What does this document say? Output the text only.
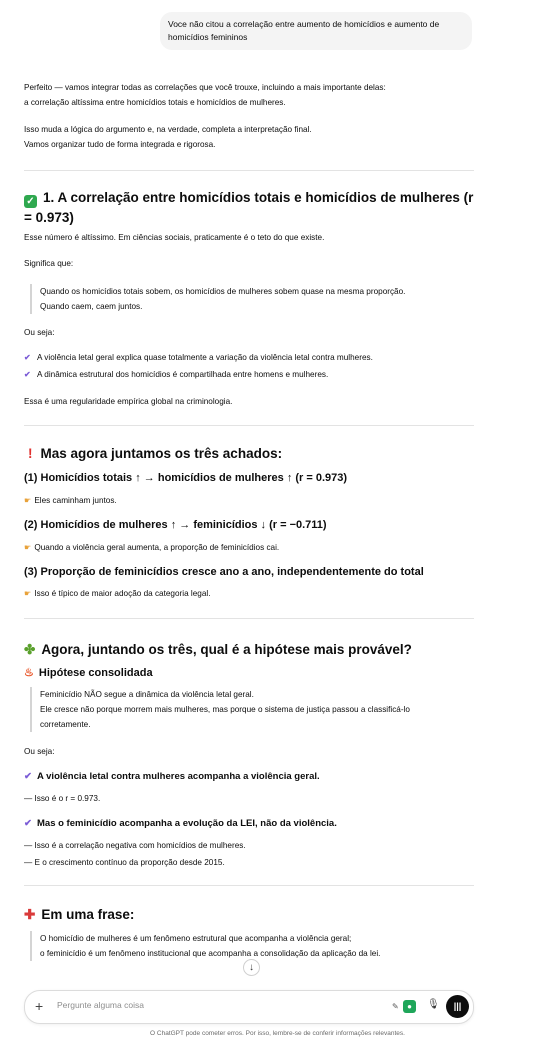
Voce não citou a correlação entre aumento de homicídios e aumento de homicídios femininos
Perfeito — vamos integrar todas as correlações que você trouxe, incluindo a mais importante delas:
a correlação altíssima entre homicídios totais e homicídios de mulheres.
Isso muda a lógica do argumento e, na verdade, completa a interpretação final.
Vamos organizar tudo de forma integrada e rigorosa.
✓ 1. A correlação entre homicídios totais e homicídios de mulheres (r = 0.973)
Esse número é altíssimo. Em ciências sociais, praticamente é o teto do que existe.
Significa que:
Quando os homicídios totais sobem, os homicídios de mulheres sobem quase na mesma proporção.
Quando caem, caem juntos.
Ou seja:
✔ A violência letal geral explica quase totalmente a variação da violência letal contra mulheres.
✔ A dinâmica estrutural dos homicídios é compartilhada entre homens e mulheres.
Essa é uma regularidade empírica global na criminologia.
! Mas agora juntamos os três achados:
(1) Homicídios totais ↑ → homicídios de mulheres ↑ (r = 0.973)
☛ Eles caminham juntos.
(2) Homicídios de mulheres ↑ → feminicídios ↓ (r = −0.711)
☛ Quando a violência geral aumenta, a proporção de feminicídios cai.
(3) Proporção de feminicídios cresce ano a ano, independentemente do total
☛ Isso é típico de maior adoção da categoria legal.
✤ Agora, juntando os três, qual é a hipótese mais provável?
♨ Hipótese consolidada
Feminicídio NÃO segue a dinâmica da violência letal geral.
Ele cresce não porque morrem mais mulheres, mas porque o sistema de justiça passou a classificá-lo
corretamente.
Ou seja:
✔ A violência letal contra mulheres acompanha a violência geral.
— Isso é o r = 0.973.
✔ Mas o feminicídio acompanha a evolução da LEI, não da violência.
— Isso é a correlação negativa com homicídios de mulheres.
— E o crescimento contínuo da proporção desde 2015.
✚ Em uma frase:
O homicídio de mulheres é um fenômeno estrutural que acompanha a violência geral;
o feminicídio é um fenômeno institucional que acompanha a consolidação da aplicação da lei.
↓
+
Pergunte alguma coisa	✎	●	🎙	|||
O ChatGPT pode cometer erros. Por isso, lembre-se de conferir informações relevantes.
